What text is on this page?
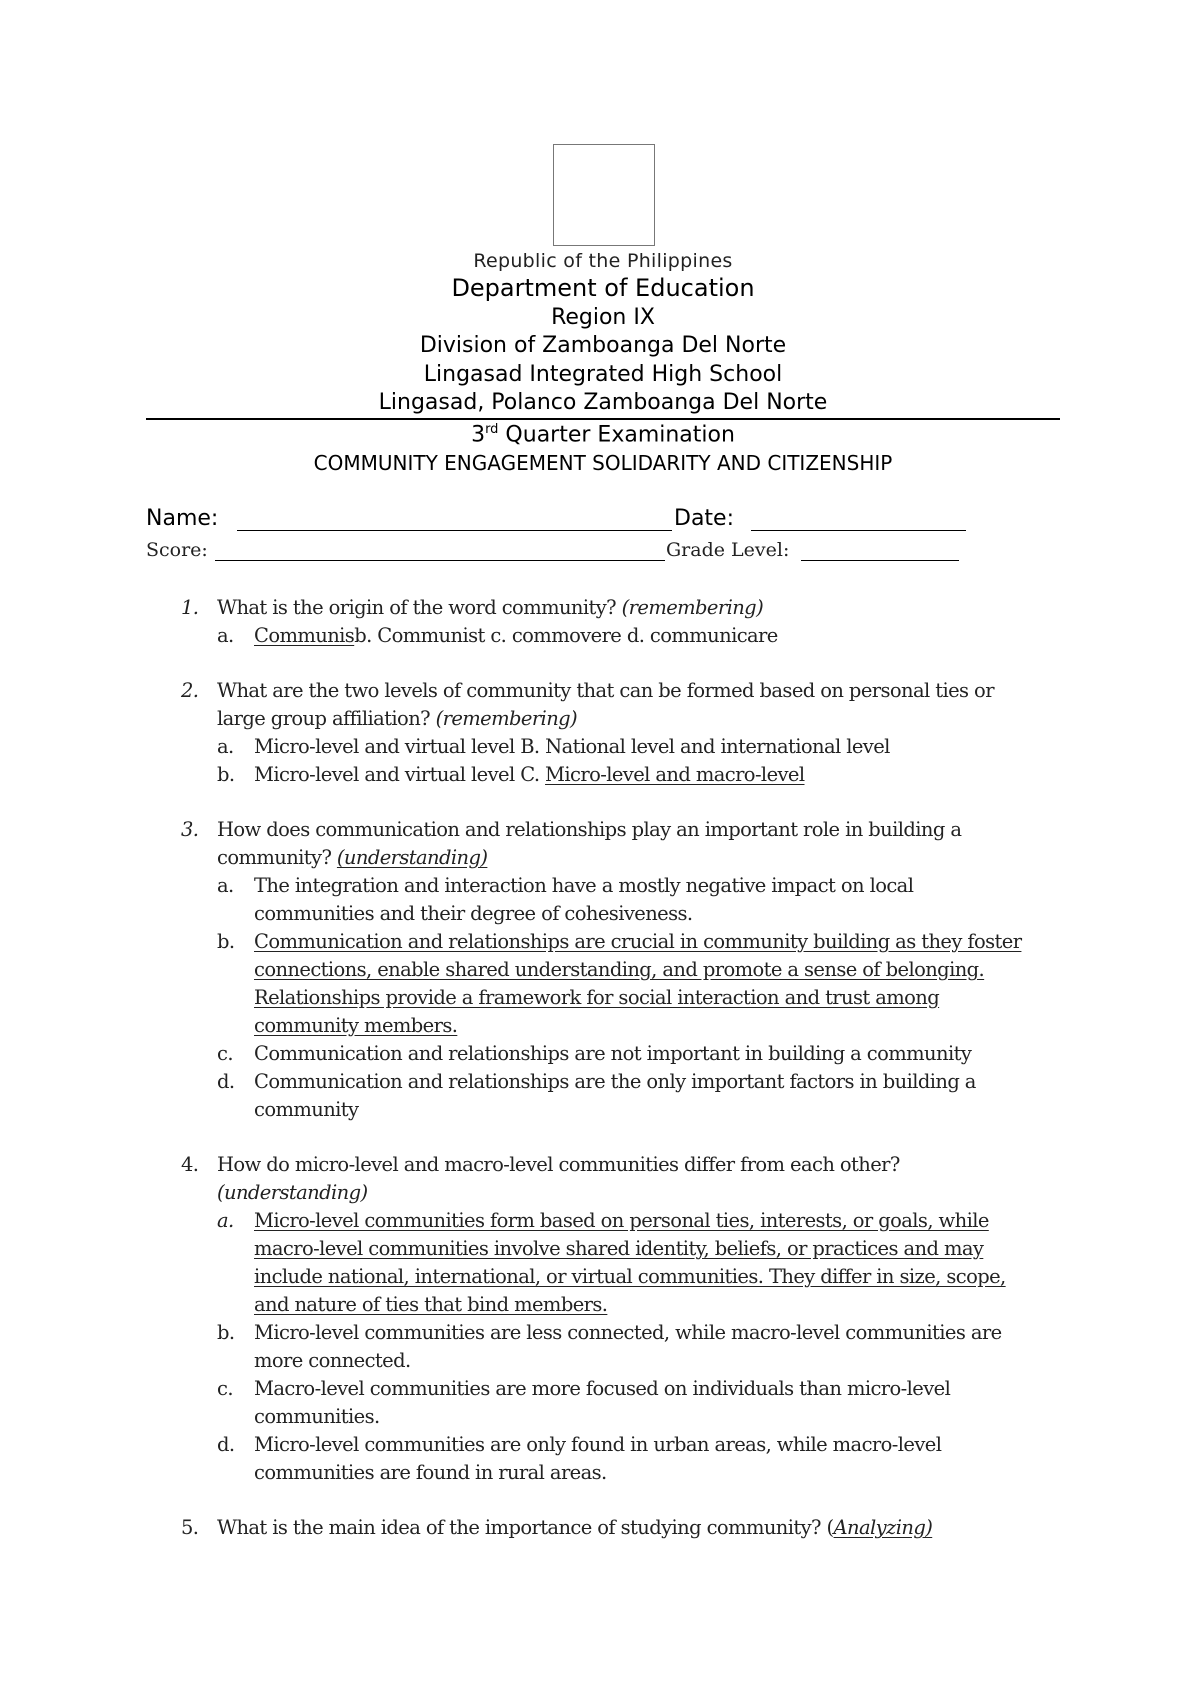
Republic of the Philippines
Department of Education
Region IX
Division of Zamboanga Del Norte
Lingasad Integrated High School
Lingasad, Polanco Zamboanga Del Norte
3rd Quarter Examination
COMMUNITY ENGAGEMENT SOLIDARITY AND CITIZENSHIP
Name:	Date:
Score:	Grade Level:
1. What is the origin of the word community? (remembering)
a. Communisb. Communist c. commovere d. communicare
2. What are the two levels of community that can be formed based on personal ties or
large group affiliation? (remembering)
a. Micro-level and virtual level B. National level and international level
b. Micro-level and virtual level C. Micro-level and macro-level
3. How does communication and relationships play an important role in building a
community? (understanding)
a. The integration and interaction have a mostly negative impact on local
communities and their degree of cohesiveness.
b. Communication and relationships are crucial in community building as they foster
connections, enable shared understanding, and promote a sense of belonging.
Relationships provide a framework for social interaction and trust among
community members.
c. Communication and relationships are not important in building a community
d. Communication and relationships are the only important factors in building a
community
4. How do micro-level and macro-level communities differ from each other?
(understanding)
a. Micro-level communities form based on personal ties, interests, or goals, while
macro-level communities involve shared identity, beliefs, or practices and may
include national, international, or virtual communities. They differ in size, scope,
and nature of ties that bind members.
b. Micro-level communities are less connected, while macro-level communities are
more connected.
c. Macro-level communities are more focused on individuals than micro-level
communities.
d. Micro-level communities are only found in urban areas, while macro-level
communities are found in rural areas.
5. What is the main idea of the importance of studying community? (Analyzing)
